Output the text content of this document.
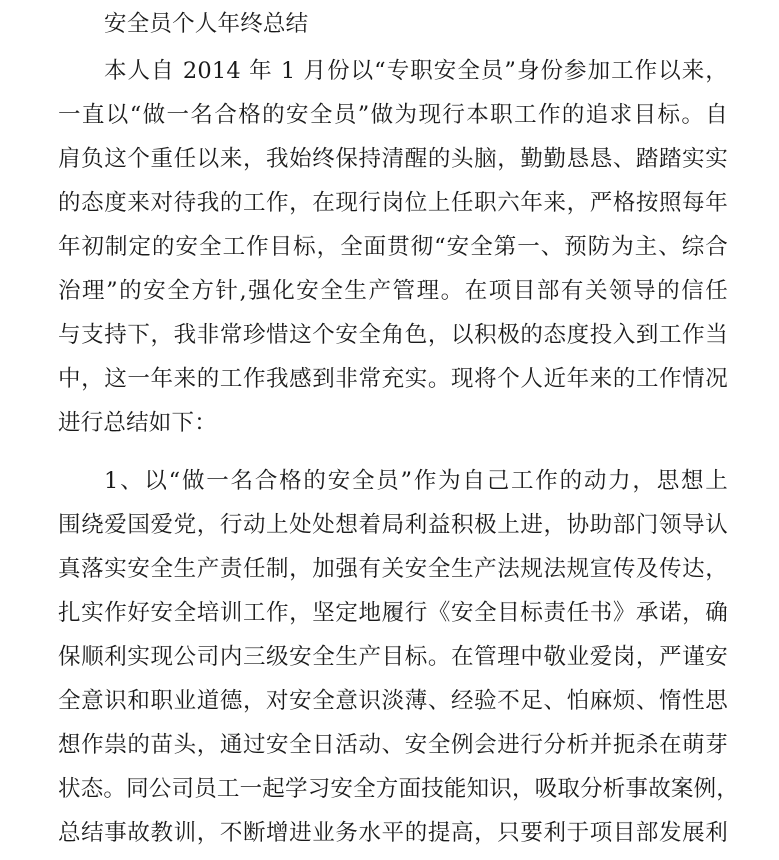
安全员个人年终总结
本人自 2014 年 1 月份以“专职安全员”身份参加工作以来，
一直以“做一名合格的安全员”做为现行本职工作的追求目标。自
肩负这个重任以来，我始终保持清醒的头脑，勤勤恳恳、踏踏实实
的态度来对待我的工作，在现行岗位上任职六年来，严格按照每年
年初制定的安全工作目标，全面贯彻“安全第一、预防为主、综合
治理”的安全方针,强化安全生产管理。在项目部有关领导的信任
与支持下，我非常珍惜这个安全角色，以积极的态度投入到工作当
中，这一年来的工作我感到非常充实。现将个人近年来的工作情况
进行总结如下：
1、以“做一名合格的安全员”作为自己工作的动力，思想上
围绕爱国爱党，行动上处处想着局利益积极上进，协助部门领导认
真落实安全生产责任制，加强有关安全生产法规法规宣传及传达，
扎实作好安全培训工作，坚定地履行《安全目标责任书》承诺，确
保顺利实现公司内三级安全生产目标。在管理中敬业爱岗，严谨安
全意识和职业道德，对安全意识淡薄、经验不足、怕麻烦、惰性思
想作祟的苗头，通过安全日活动、安全例会进行分析并扼杀在萌芽
状态。同公司员工一起学习安全方面技能知识，吸取分析事故案例，
总结事故教训，不断增进业务水平的提高，只要利于项目部发展利
